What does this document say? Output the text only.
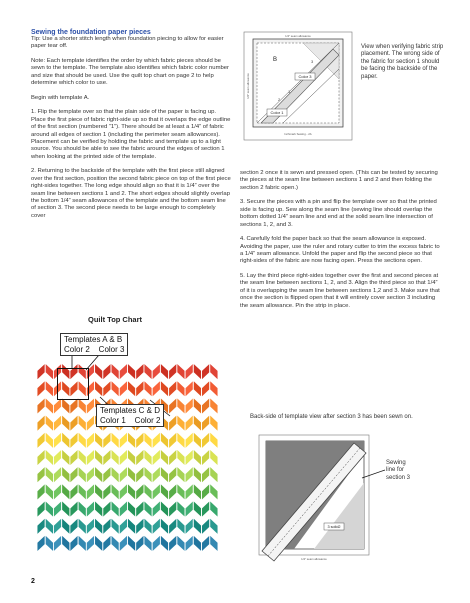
Sewing the foundation paper pieces

Tip: Use a shorter stitch length when foundation piecing to allow for easier paper tear off.

Note: Each template identifies the order by which fabric pieces should be sewn to the template. The template also identifies which fabric color number and size that should be used. Use the quilt top chart on page 2 to help determine which color to use.

Begin with template A.

1. Flip the template over so that the plain side of the paper is facing up. Place the first piece of fabric right-side up so that it overlaps the edge outline of the first section (numbered “1”). There should be at least a 1/4” of fabric around all edges of section 1 (including the perimeter seam allowances). Placement can be verified by holding the fabric and template up to a light source. You should be able to see the fabric around the edges of section 1 when looking at the printed side of the template.

2. Returning to the backside of the template with the first piece still aligned over the first section, position the second fabric piece on top of the first piece right-sides together. The long edge should align so that it is 1/4” over the seam line between sections 1 and 2. The short edges should slightly overlap the bottom 1/4” seam allowances of the template and the bottom seam line of section 3. The second piece needs to be large enough to completely cover

Color 3
Color 1
B
1
3
2
1/4” seam allowance
Inchmark Sewing - 2A
1/4” seam allowance
View when verifying fabric strip placement. The wrong side of the fabric for section 1 should be facing the backside of the paper.

section 2 once it is sewn and pressed open. (This can be tested by securing the pieces at the seam line between sections 1 and 2 and then folding the section 2 fabric open.)

3. Secure the pieces with a pin and flip the template over so that the printed side is facing up. Sew along the seam line (sewing line should overlap the bottom dotted 1/4” seam line and end at the solid seam line intersection of sections 1, 2, and 3.

4. Carefully fold the paper back so that the seam allowance is exposed. Avoiding the paper, use the ruler and rotary cutter to trim the excess fabric to a 1/4” seam allowance. Unfold the paper and flip the second piece so that right-sides of the fabric are now facing open. Press the sections open.

5. Lay the third piece right-sides together over the first and second pieces at the seam line between sections 1, 2, and 3. Align the third piece so that 1/4” of it is overlapping the seam line between sections 1,2 and 3. Make sure that once the section is flipped open that it will entirely cover section 3 including the seam allowance. Pin the strip in place.

Quilt Top Chart
Templates A & B
Color 2    Color 3
Templates C & D
Color 1    Color 2	Back-side of template view after section 3 has been sewn on.
3 solid2
1/4” seam allowance
Sewing
line for
section 3
2
